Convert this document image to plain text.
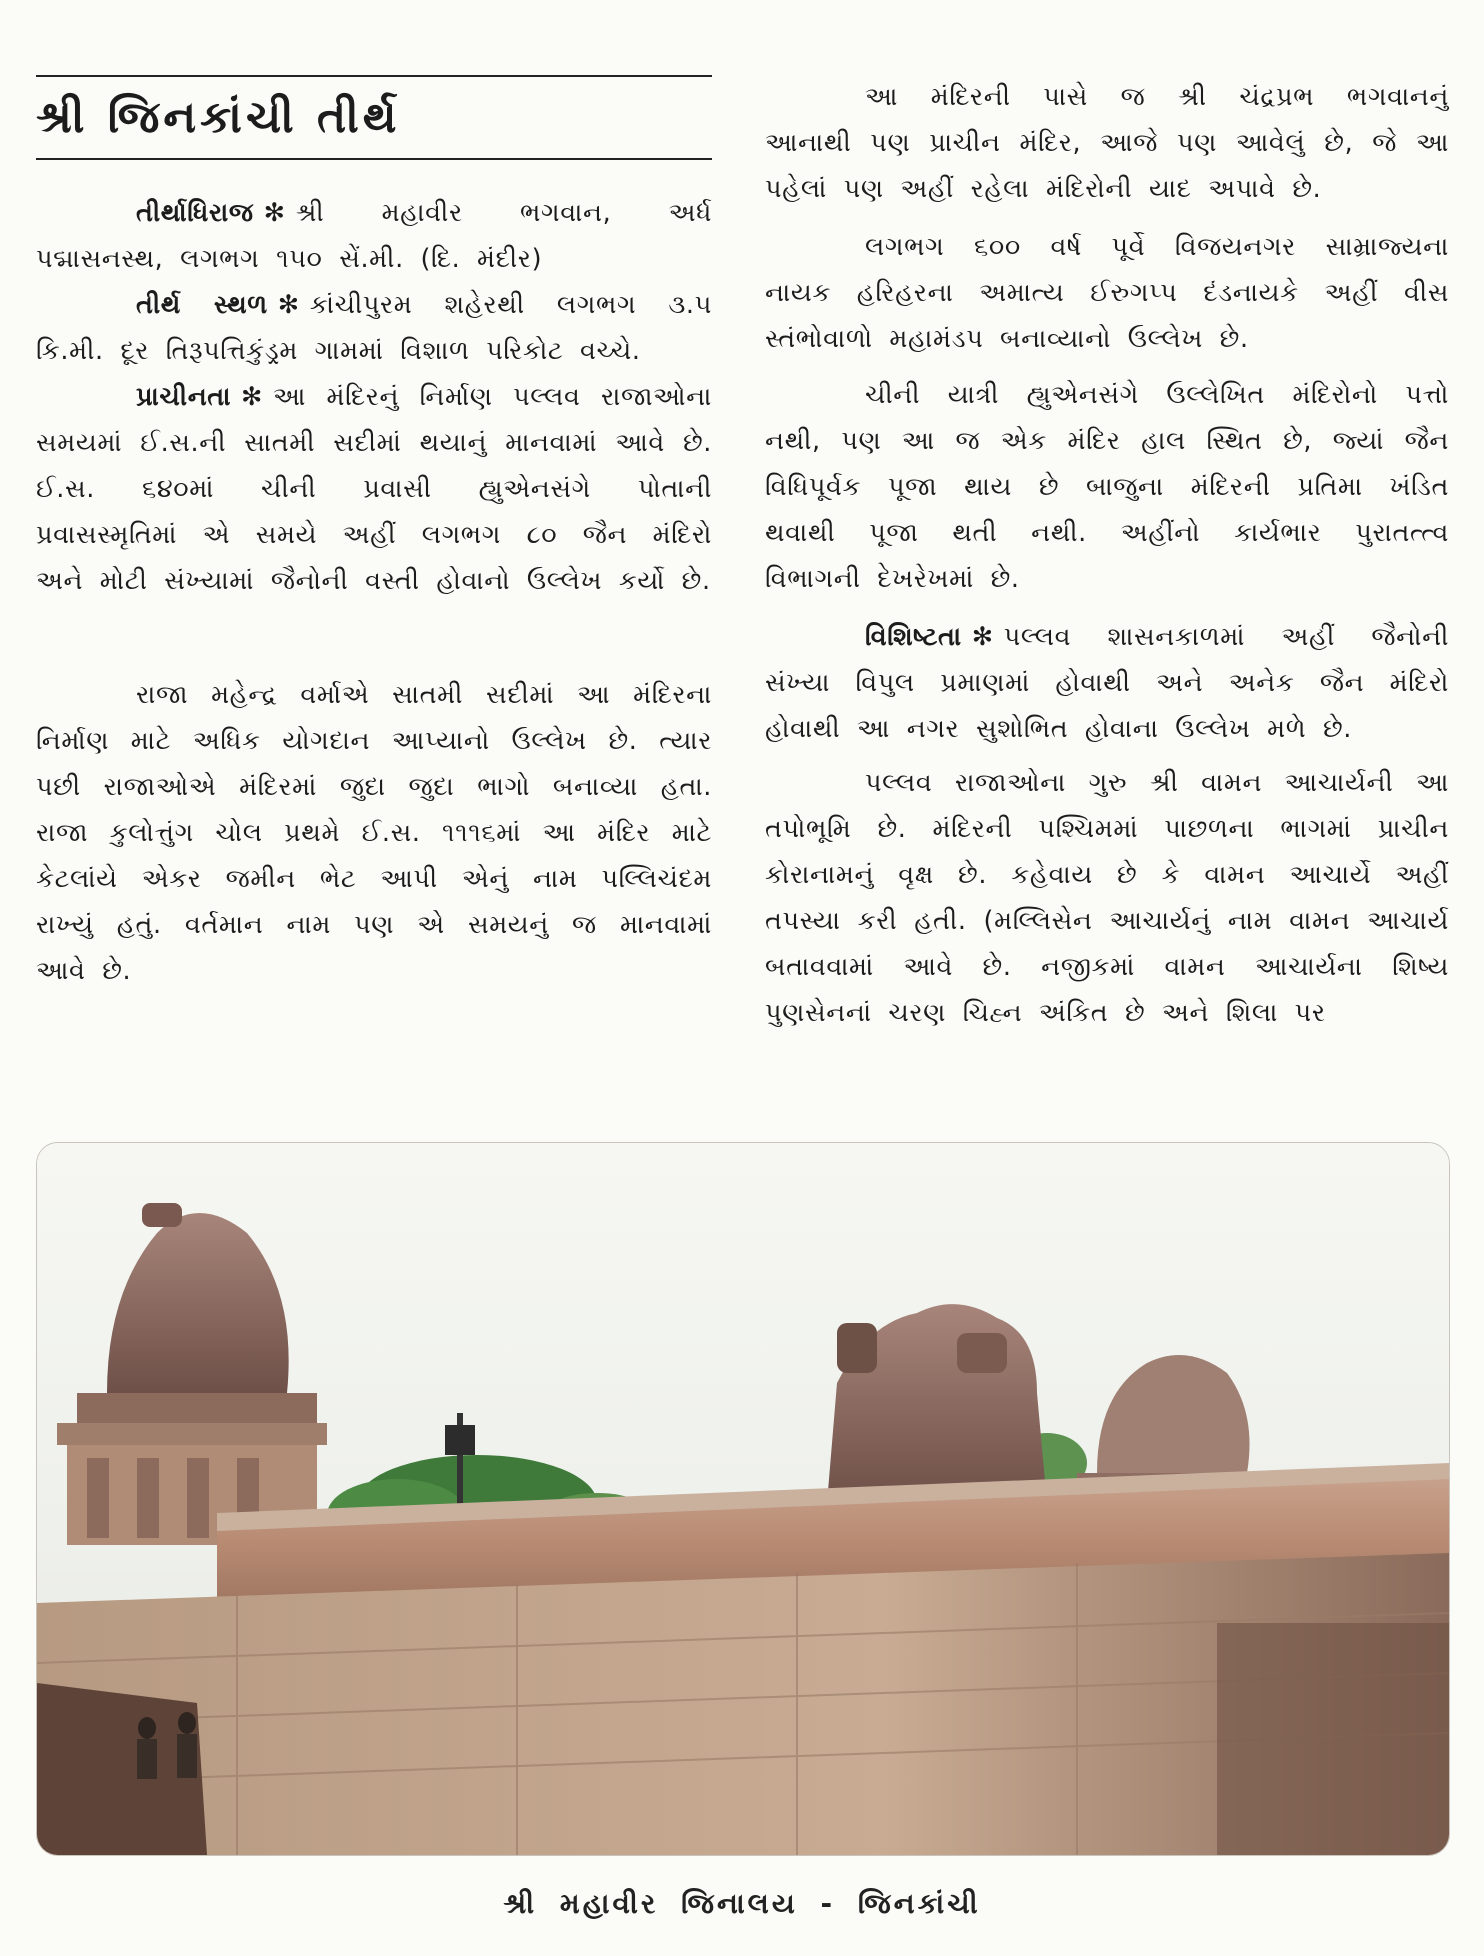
શ્રી જિનકાંચી તીર્થ

તીર્થાધિરાજ ✻ શ્રી મહાવીર ભગવાન, અર્ધ પદ્માસનસ્થ, લગભગ ૧૫૦ સેં.મી. (દિ. મંદીર)

તીર્થ સ્થળ ✻ કાંચીપુરમ શહેરથી લગભગ ૩.૫ કિ.મી. દૂર તિરૂપત્તિકુંડ્રમ ગામમાં વિશાળ પરિકોટ વચ્ચે.

પ્રાચીનતા ✻ આ મંદિરનું નિર્માણ પલ્લવ રાજાઓના સમયમાં ઈ.સ.ની સાતમી સદીમાં થયાનું માનવામાં આવે છે. ઈ.સ. ૬૪૦માં ચીની પ્રવાસી હ્યુએનસંગે પોતાની પ્રવાસસ્મૃતિમાં એ સમયે અહીં લગભગ ૮૦ જૈન મંદિરો અને મોટી સંખ્યામાં જૈનોની વસ્તી હોવાનો ઉલ્લેખ કર્યો છે.

રાજા મહેન્દ્ર વર્માએ સાતમી સદીમાં આ મંદિરના નિર્માણ માટે અધિક યોગદાન આપ્યાનો ઉલ્લેખ છે. ત્યાર પછી રાજાઓએ મંદિરમાં જુદા જુદા ભાગો બનાવ્યા હતા. રાજા કુલોત્તુંગ ચોલ પ્રથમે ઈ.સ. ૧૧૧૬માં આ મંદિર માટે કેટલાંયે એકર જમીન ભેટ આપી એનું નામ પલ્લિચંદમ રાખ્યું હતું. વર્તમાન નામ પણ એ સમયનું જ માનવામાં આવે છે.

આ મંદિરની પાસે જ શ્રી ચંદ્રપ્રભ ભગવાનનું આનાથી પણ પ્રાચીન મંદિર, આજે પણ આવેલું છે, જે આ પહેલાં પણ અહીં રહેલા મંદિરોની યાદ અપાવે છે.

લગભગ ૬૦૦ વર્ષ પૂર્વે વિજયનગર સામ્રાજ્યના નાયક હરિહરના અમાત્ય ઈરુગપ્પ દંડનાયકે અહીં વીસ સ્તંભોવાળો મહામંડપ બનાવ્યાનો ઉલ્લેખ છે.

ચીની યાત્રી હ્યુએનસંગે ઉલ્લેખિત મંદિરોનો પત્તો નથી, પણ આ જ એક મંદિર હાલ સ્થિત છે, જ્યાં જૈન વિધિપૂર્વક પૂજા થાય છે બાજુના મંદિરની પ્રતિમા ખંડિત થવાથી પૂજા થતી નથી. અહીંનો કાર્યભાર પુરાતત્ત્વ વિભાગની દેખરેખમાં છે.

વિશિષ્ટતા ✻ પલ્લવ શાસનકાળમાં અહીં જૈનોની સંખ્યા વિપુલ પ્રમાણમાં હોવાથી અને અનેક જૈન મંદિરો હોવાથી આ નગર સુશોભિત હોવાના ઉલ્લેખ મળે છે.

પલ્લવ રાજાઓના ગુરુ શ્રી વામન આચાર્યની આ તપોભૂમિ છે. મંદિરની પશ્ચિમમાં પાછળના ભાગમાં પ્રાચીન કોરાનામનું વૃક્ષ છે. કહેવાય છે કે વામન આચાર્યે અહીં તપસ્યા કરી હતી. (મલ્લિસેન આચાર્યનું નામ વામન આચાર્ય બતાવવામાં આવે છે. નજીકમાં વામન આચાર્યના શિષ્ય પુણસેનનાં ચરણ ચિહ્ન અંકિત છે અને શિલા પર

શ્રી મહાવીર જિનાલય - જિનકાંચી
